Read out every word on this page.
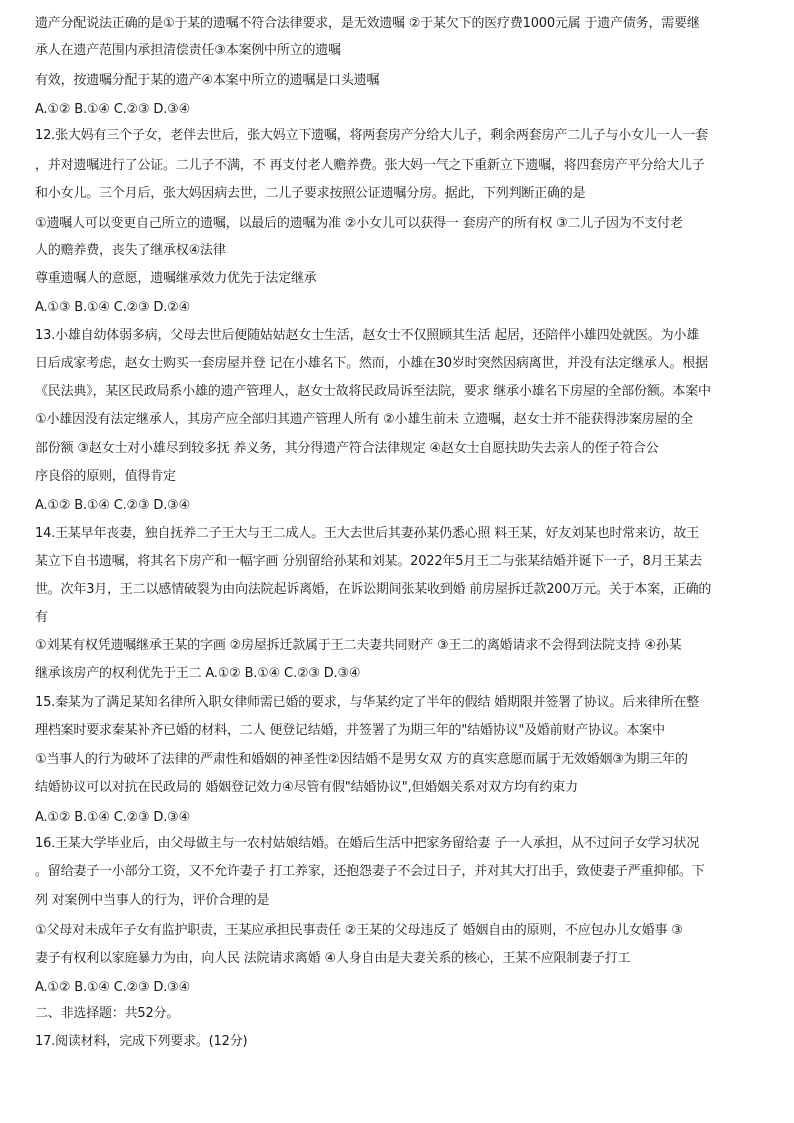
遗产分配说法正确的是①于某的遗嘱不符合法律要求，是无效遗嘱 ②于某欠下的医疗费1000元属 于遗产债务，需要继
承人在遗产范围内承担清偿责任③本案例中所立的遗嘱
有效，按遗嘱分配于某的遗产④本案中所立的遗嘱是口头遗嘱
A.①② B.①④ C.②③ D.③④
12.张大妈有三个子女，老伴去世后，张大妈立下遗嘱，将两套房产分给大儿子，剩余两套房产二儿子与小女儿一人一套
，并对遗嘱进行了公证。二儿子不满，不 再支付老人赡养费。张大妈一气之下重新立下遗嘱，将四套房产平分给大儿子
和小女儿。三个月后，张大妈因病去世，二儿子要求按照公证遗嘱分房。据此，下列判断正确的是
①遗嘱人可以变更自己所立的遗嘱，以最后的遗嘱为准 ②小女儿可以获得一 套房产的所有权 ③二儿子因为不支付老
人的赡养费，丧失了继承权④法律
尊重遗嘱人的意愿，遗嘱继承效力优先于法定继承
A.①③ B.①④ C.②③ D.②④
13.小雄自幼体弱多病，父母去世后便随姑姑赵女士生活，赵女士不仅照顾其生活 起居，还陪伴小雄四处就医。为小雄
日后成家考虑，赵女士购买一套房屋并登 记在小雄名下。然而，小雄在30岁时突然因病离世，并没有法定继承人。根据
《民法典》，某区民政局系小雄的遗产管理人，赵女士故将民政局诉至法院，要求 继承小雄名下房屋的全部份额。本案中
①小雄因没有法定继承人，其房产应全部归其遗产管理人所有 ②小雄生前未 立遗嘱，赵女士并不能获得涉案房屋的全
部份额 ③赵女士对小雄尽到较多抚 养义务，其分得遗产符合法律规定 ④赵女士自愿扶助失去亲人的侄子符合公
序良俗的原则，值得肯定
A.①② B.①④ C.②③ D.③④
14.王某早年丧妻，独自抚养二子王大与王二成人。王大去世后其妻孙某仍悉心照 料王某，好友刘某也时常来访，故王
某立下自书遗嘱，将其名下房产和一幅字画 分别留给孙某和刘某。2022年5月王二与张某结婚并诞下一子，8月王某去
世。次年3月，王二以感情破裂为由向法院起诉离婚，在诉讼期间张某收到婚 前房屋拆迁款200万元。关于本案，正确的
有
①刘某有权凭遗嘱继承王某的字画 ②房屋拆迁款属于王二夫妻共同财产 ③王二的离婚请求不会得到法院支持 ④孙某
继承该房产的权利优先于王二 A.①② B.①④ C.②③ D.③④
15.秦某为了满足某知名律所入职女律师需已婚的要求，与华某约定了半年的假结 婚期限并签署了协议。后来律所在整
理档案时要求秦某补齐已婚的材料，二人 便登记结婚，并签署了为期三年的"结婚协议"及婚前财产协议。本案中
①当事人的行为破坏了法律的严肃性和婚姻的神圣性②因结婚不是男女双 方的真实意愿而属于无效婚姻③为期三年的
结婚协议可以对抗在民政局的 婚姻登记效力④尽管有假"结婚协议",但婚姻关系对双方均有约束力
A.①② B.①④ C.②③ D.③④
16.王某大学毕业后，由父母做主与一农村姑娘结婚。在婚后生活中把家务留给妻 子一人承担，从不过问子女学习状况
。留给妻子一小部分工资，又不允许妻子 打工养家，还抱怨妻子不会过日子，并对其大打出手，致使妻子严重抑郁。下
列 对案例中当事人的行为，评价合理的是
①父母对未成年子女有监护职责，王某应承担民事责任 ②王某的父母违反了 婚姻自由的原则，不应包办儿女婚事 ③
妻子有权利以家庭暴力为由，向人民 法院请求离婚 ④人身自由是夫妻关系的核心，王某不应限制妻子打工
A.①② B.①④ C.②③ D.③④
二、非选择题：共52分。
17.阅读材料，完成下列要求。(12分)
